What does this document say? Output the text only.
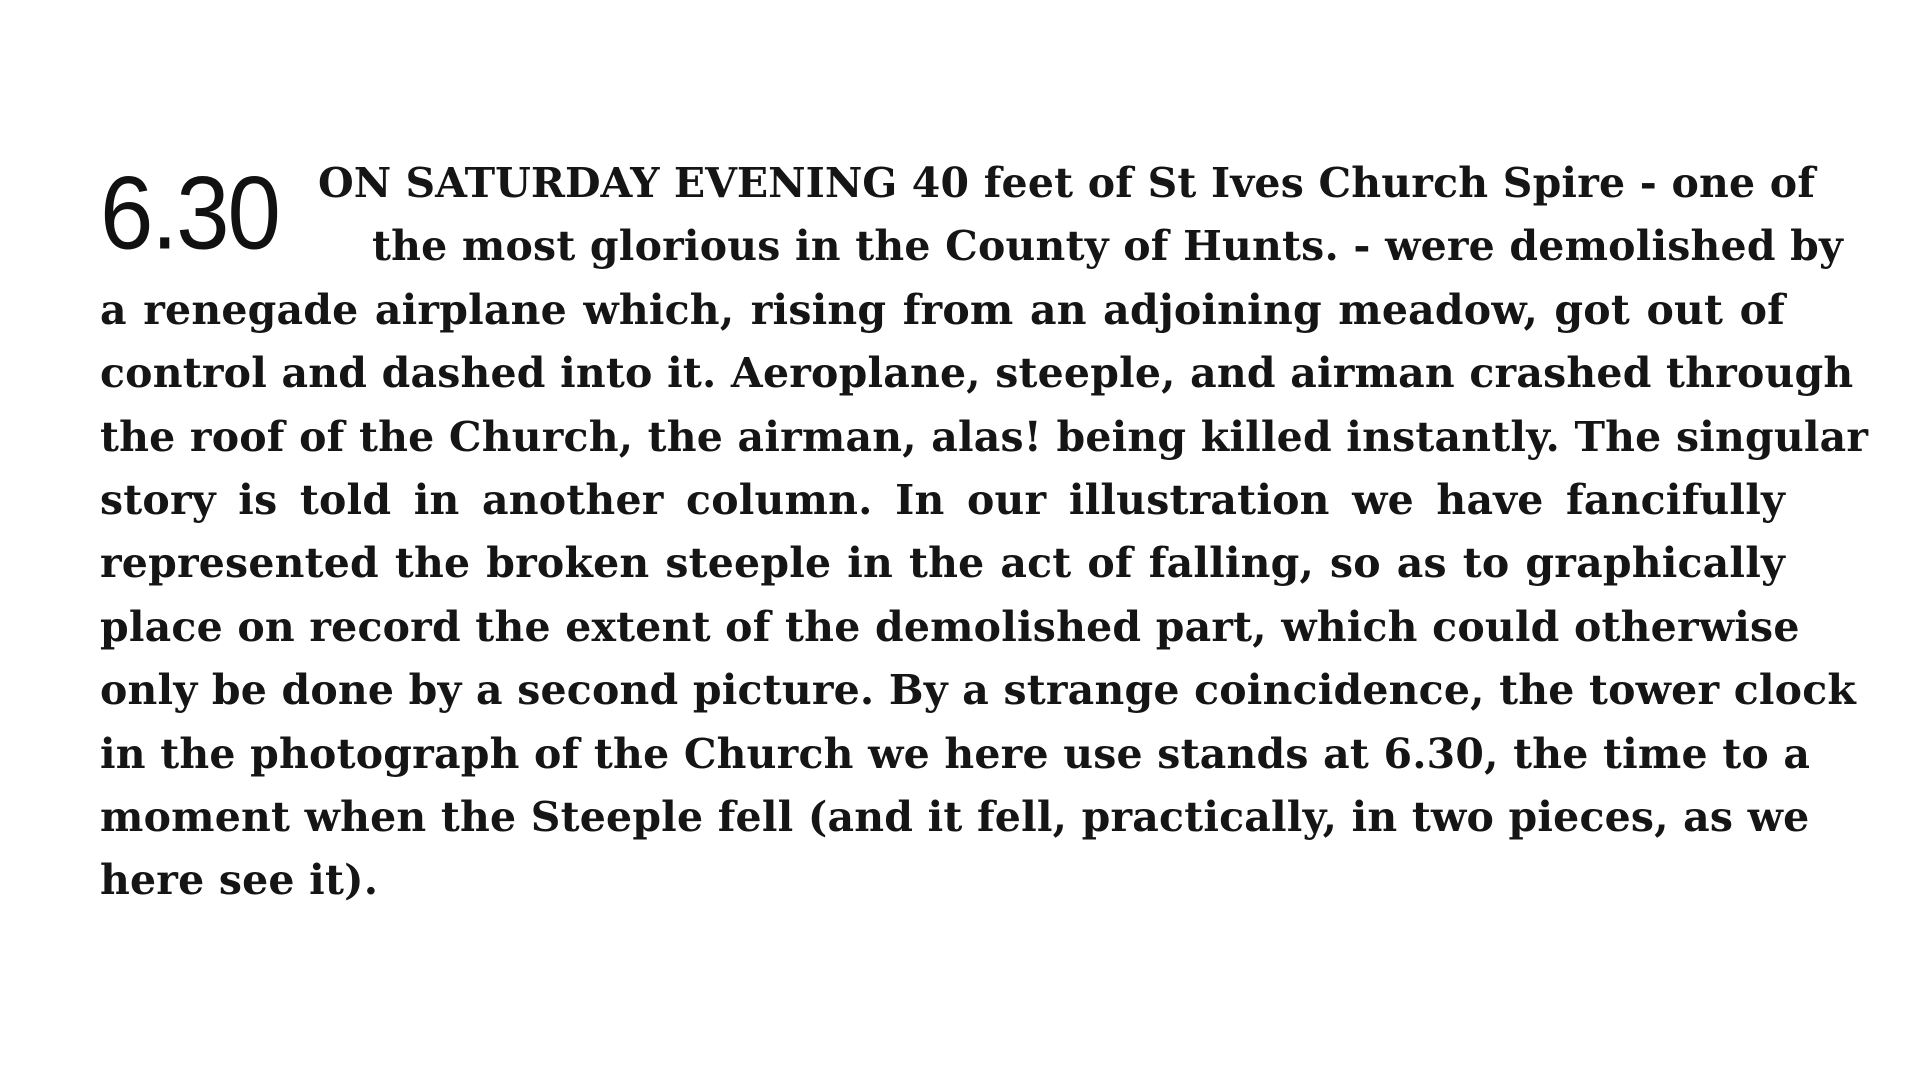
6.30 ON SATURDAY EVENING 40 feet of St Ives Church Spire - one of
the most glorious in the County of Hunts. - were demolished by
a renegade airplane which, rising from an adjoining meadow, got out of
control and dashed into it. Aeroplane, steeple, and airman crashed through
the roof of the Church, the airman, alas! being killed instantly. The singular
story is told in another column. In our illustration we have fancifully
represented the broken steeple in the act of falling, so as to graphically
place on record the extent of the demolished part, which could otherwise
only be done by a second picture. By a strange coincidence, the tower clock
in the photograph of the Church we here use stands at 6.30, the time to a
moment when the Steeple fell (and it fell, practically, in two pieces, as we
here see it).
